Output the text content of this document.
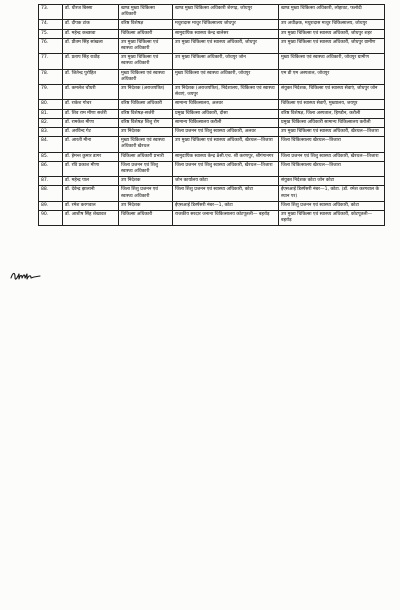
73.	डॉ. धीरज बिस्सा	खण्ड मुख्य चिकित्सा अधिकारी	खण्ड मुख्य चिकित्सा अधिकारी शेरगढ़, जोधपुर	खण्ड मुख्य चिकित्सा अधिकारी, लोहावट, फलोदी
74.	डॉ. दीपक टांक	वरिष्ठ विशेषज्ञ	मथुरादास माथुर चिकित्सालय जोधपुर	उप अधीक्षक, मथुरादास माथुर चिकित्सालय, जोधपुर
75.	डॉ. महेन्द्र कच्छावा	चिकित्सा अधिकारी	सामुदायिक स्वास्थ्य केन्द्र बालेसर	उप मुख्य चिकित्सा एवं स्वास्थ्य अधिकारी, जोधपुर शहर
76.	डॉ. प्रीतम सिंह सांखला	उप मुख्य चिकित्सा एवं स्वास्थ्य अधिकारी	उप मुख्य चिकित्सा एवं स्वास्थ्य अधिकारी, जोधपुर	उप मुख्य चिकित्सा एवं स्वास्थ्य अधिकारी, जोधपुर ग्रामीण
77.	डॉ. प्रताप सिंह राठौड़	उप मुख्य चिकित्सा एवं स्वास्थ्य अधिकारी	उप मुख्य चिकित्सा अधिकारी, जोधपुर जोन	मुख्य चिकित्सा एवं स्वास्थ्य अधिकारी, जोधपुर ग्रामीण
78.	डॉ. जितेन्द्र पुरोहित	मुख्य चिकित्सा एवं स्वास्थ्य अधिकारी	मुख्य चिकित्सा एवं स्वास्थ्य अधिकारी, जोधपुर	एम डी एम अस्पताल, जोधपुर
79.	डॉ. कमलेश चौधरी	उप निदेशक (अराजपत्रित)	उप निदेशक (अराजपत्रित), निदेशालय, चिकित्सा एवं स्वास्थ्य सेवाएं, जयपुर	संयुक्त निदेशक, चिकित्सा एवं स्वास्थ्य सेवाएं, जोधपुर जोन
80.	डॉ. राकेश गोचर	वरिष्ठ चिकित्सा अधिकारी	सामान्य चिकित्सालय, अलवर	चिकित्सा एवं स्वास्थ्य सेवाएँ, मुख्यालय, जयपुर
81.	डॉ. शिव राम मीणा सर्जरी	वरिष्ठ विशेषज्ञ-सर्जरी	प्रमुख चिकित्सा अधिकारी, दौसा	वरिष्ठ विशेषज्ञ, जिला अस्पताल, हिण्डौन, करौली
82.	डॉ. रामकेश मीणा	वरिष्ठ विशेषज्ञ शिशु रोग	सामान्य चिकित्सालय करौली	प्रमुख चिकित्सा अधिकारी सामान्य चिकित्सालय करौली
83.	डॉ. अरविन्द गेट	उप निदेशक	जिला प्रजनन एवं शिशु स्वास्थ्य अधिकारी, अलवर	उप मुख्य चिकित्सा एवं स्वास्थ्य अधिकारी, खैरथल—तिजारा
84.	डॉ. आरती मीना	मुख्य चिकित्सा एवं स्वास्थ्य अधिकारी खैरथल	उप मुख्य चिकित्सा एवं स्वास्थ्य अधिकारी, खैरथल—तिजारा	जिला चिकित्सालय खैरथल—तिजारा
85.	डॉ. हेमन्त कुमार डागर	चिकित्सा अधिकारी प्रभारी	सामुदायिक स्वास्थ्य केन्द्र 8सी.एच. श्री करणपुर, श्रीगंगानगर	जिला प्रजनन एवं शिशु स्वास्थ्य अधिकारी, खैरथल—तिजारा
86.	डॉ. रवि प्रकाश मीणा	जिला प्रजनन एवं शिशु स्वास्थ्य अधिकारी	जिला प्रजनन एवं शिशु स्वास्थ्य अधिकारी, खैरथल—तिजारा	जिला चिकित्सालय खैरथल—तिजारा
87.	डॉ. महेन्द्र पाल	उप निदेशक	जोन कार्यालय कोटा	संयुक्त निदेशक कोटा जोन कोटा
88.	डॉ. देवेन्द्र झालानी	जिला शिशु प्रजनन एवं स्वास्थ्य अधिकारी	जिला शिशु प्रजनन एवं स्वास्थ्य अधिकारी, कोटा	ईएसआई डिस्पेंसरी नंबर—1, कोटा. (डॉ. रमेश करगवाल के स्थान पर)
89.	डॉ. रमेश करगवाल	उप निदेशक	ईएसआई डिस्पेंसरी नंबर—1, कोटा	जिला शिशु प्रजनन एवं स्वास्थ्य अधिकारी, कोटा
90.	डॉ. आशीष सिंह शेखावत	चिकित्सा अधिकारी	राजकीय सरदार जनाना चिकित्सालय कोटपूतली— बहरोड़	उप मुख्य चिकित्सा एवं स्वास्थ्य अधिकारी, कोटपूतली—बहरोड़
